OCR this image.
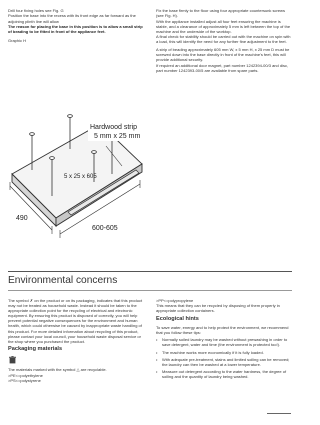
Drill four fixing holes see Fig. G

Position the base into the recess with its front edge as far forward as the adjoining plinth line will allow

The reason for placing the base in this position is to allow a small strip of beading to be fitted in front of the appliance feet.

Graphic H

Hardwood strip
5 mm x 25 mm
5 x 25 x 605
490
600-605

Fix the base firmly to the floor using four appropriate countersunk screws (see Fig. H).

With the appliance installed adjust all four feet ensuring the machine is stable, and a clearance of approximately 5 mm is left between the top of the machine and the underside of the worktop.

A final check for stability should be carried out with the machine on spin with a load, this will identify the need for any further fine adjustment to the feet.

A strip of beading approximately 605 mm W, x 5 mm H, x 25 mm D must be screwed down into the base directly in front of the machine's feet, this will provide additional security.

If required an additional door magnet, part number 1242394-00/3 and disc, part number 1242393-00/5 are available from spare parts.

Environmental concerns

The symbol ✗ on the product or on its packaging, indicates that this product may not be treated as household waste. Instead it should be taken to the appropriate collection point for the recycling of electrical and electronic equipment. By ensuring this product is disposed of correctly, you will help prevent potential negative consequences for the environment and human health, which could otherwise be caused by inappropriate waste handling of this product. For more detailed information about recycling of this product, please contact your local council, your household waste disposal service or the shop where you purchased the product.

Packaging materials

The materials marked with the symbol △ are recyclable.

>PE<=polyethylene

>PS<=polystyrene

>PP<=polypropylene

This means that they can be recycled by disposing of them properly in appropriate collection containers.

Ecological hints

To save water, energy and to help protect the environment, we recommend that you follow these tips:

• Normally soiled laundry may be washed without prewashing in order to save detergent, water and time (the environment is protected too!).
• The machine works more economically if it is fully loaded.
• With adequate pre-treatment, stains and limited soiling can be removed; the laundry can then be washed at a lower temperature.
• Measure out detergent according to the water hardness, the degree of soiling and the quantity of laundry being washed.
